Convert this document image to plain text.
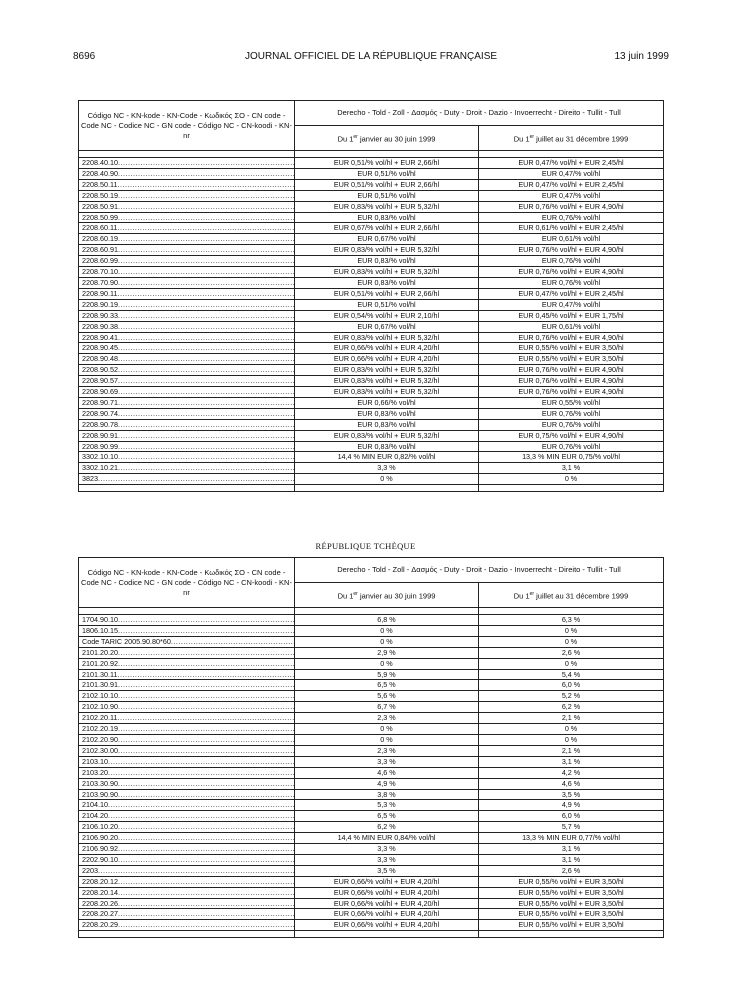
8696	JOURNAL OFFICIEL DE LA RÉPUBLIQUE FRANÇAISE	13 juin 1999
Código NC - KN-kode - KN-Code - Κωδικός ΣΟ - CN code - Code NC - Codice NC - GN code - Código NC - CN-koodi - KN-nr	Derecho - Told - Zoll - Δασμός - Duty - Droit - Dazio - Invoerrecht - Direito - Tullit - Tull	
	Du 1er janvier au 30 juin 1999	Du 1er juillet au 31 décembre 1999

2208.40.10.....	EUR 0,51/% vol/hl + EUR 2,66/hl	EUR 0,47/% vol/hl + EUR 2,45/hl
2208.40.90.....	EUR 0,51/% vol/hl	EUR 0,47/% vol/hl
2208.50.11.....	EUR 0,51/% vol/hl + EUR 2,66/hl	EUR 0,47/% vol/hl + EUR 2,45/hl
2208.50.19.....	EUR 0,51/% vol/hl	EUR 0,47/% vol/hl
2208.50.91.....	EUR 0,83/% vol/hl + EUR 5,32/hl	EUR 0,76/% vol/hl + EUR 4,90/hl
2208.50.99.....	EUR 0,83/% vol/hl	EUR 0,76/% vol/hl
2208.60.11.....	EUR 0,67/% vol/hl + EUR 2,66/hl	EUR 0,61/% vol/hl + EUR 2,45/hl
2208.60.19.....	EUR 0,67/% vol/hl	EUR 0,61/% vol/hl
2208.60.91.....	EUR 0,83/% vol/hl + EUR 5,32/hl	EUR 0,76/% vol/hl + EUR 4,90/hl
2208.60.99.....	EUR 0,83/% vol/hl	EUR 0,76/% vol/hl
2208.70.10.....	EUR 0,83/% vol/hl + EUR 5,32/hl	EUR 0,76/% vol/hl + EUR 4,90/hl
2208.70.90.....	EUR 0,83/% vol/hl	EUR 0,76/% vol/hl
2208.90.11.....	EUR 0,51/% vol/hl + EUR 2,66/hl	EUR 0,47/% vol/hl + EUR 2,45/hl
2208.90.19.....	EUR 0,51/% vol/hl	EUR 0,47/% vol/hl
2208.90.33.....	EUR 0,54/% vol/hl + EUR 2,10/hl	EUR 0,45/% vol/hl + EUR 1,75/hl
2208.90.38.....	EUR 0,67/% vol/hl	EUR 0,61/% vol/hl
2208.90.41.....	EUR 0,83/% vol/hl + EUR 5,32/hl	EUR 0,76/% vol/hl + EUR 4,90/hl
2208.90.45.....	EUR 0,66/% vol/hl + EUR 4,20/hl	EUR 0,55/% vol/hl + EUR 3,50/hl
2208.90.48.....	EUR 0,66/% vol/hl + EUR 4,20/hl	EUR 0,55/% vol/hl + EUR 3,50/hl
2208.90.52.....	EUR 0,83/% vol/hl + EUR 5,32/hl	EUR 0,76/% vol/hl + EUR 4,90/hl
2208.90.57.....	EUR 0,83/% vol/hl + EUR 5,32/hl	EUR 0,76/% vol/hl + EUR 4,90/hl
2208.90.69.....	EUR 0,83/% vol/hl + EUR 5,32/hl	EUR 0,76/% vol/hl + EUR 4,90/hl
2208.90.71.....	EUR 0,66/% vol/hl	EUR 0,55/% vol/hl
2208.90.74.....	EUR 0,83/% vol/hl	EUR 0,76/% vol/hl
2208.90.78.....	EUR 0,83/% vol/hl	EUR 0,76/% vol/hl
2208.90.91.....	EUR 0,83/% vol/hl + EUR 5,32/hl	EUR 0,75/% vol/hl + EUR 4,90/hl
2208.90.99.....	EUR 0,83/% vol/hl	EUR 0,76/% vol/hl
3302.10.10.....	14,4 % MIN EUR 0,82/% vol/hl	13,3 % MIN EUR 0,75/% vol/hl
3302.10.21.....	3,3 %	3,1 %
3823.....	0 %	0 %

RÉPUBLIQUE TCHÈQUE
Código NC - KN-kode - KN-Code - Κωδικός ΣΟ - CN code - Code NC - Codice NC - GN code - Código NC - CN-koodi - KN-nr	Derecho - Told - Zoll - Δασμός - Duty - Droit - Dazio - Invoerrecht - Direito - Tullit - Tull	
	Du 1er janvier au 30 juin 1999	Du 1er juillet au 31 décembre 1999

1704.90.10.....	6,8 %	6,3 %
1806.10.15.....	0 %	0 %
Code TARIC 2005.90.80*60.....	0 %	0 %
2101.20.20.....	2,9 %	2,6 %
2101.20.92.....	0 %	0 %
2101.30.11.....	5,9 %	5,4 %
2101.30.91.....	6,5 %	6,0 %
2102.10.10.....	5,6 %	5,2 %
2102.10.90.....	6,7 %	6,2 %
2102.20.11.....	2,3 %	2,1 %
2102.20.19.....	0 %	0 %
2102.20.90.....	0 %	0 %
2102.30.00.....	2,3 %	2,1 %
2103.10.....	3,3 %	3,1 %
2103.20.....	4,6 %	4,2 %
2103.30.90.....	4,9 %	4,6 %
2103.90.90.....	3,8 %	3,5 %
2104.10.....	5,3 %	4,9 %
2104.20.....	6,5 %	6,0 %
2106.10.20.....	6,2 %	5,7 %
2106.90.20.....	14,4 % MIN EUR 0,84/% vol/hl	13,3 % MIN EUR 0,77/% vol/hl
2106.90.92.....	3,3 %	3,1 %
2202.90.10.....	3,3 %	3,1 %
2203.....	3,5 %	2,6 %
2208.20.12.....	EUR 0,66/% vol/hl + EUR 4,20/hl	EUR 0,55/% vol/hl + EUR 3,50/hl
2208.20.14.....	EUR 0,66/% vol/hl + EUR 4,20/hl	EUR 0,55/% vol/hl + EUR 3,50/hl
2208.20.26.....	EUR 0,66/% vol/hl + EUR 4,20/hl	EUR 0,55/% vol/hl + EUR 3,50/hl
2208.20.27.....	EUR 0,66/% vol/hl + EUR 4,20/hl	EUR 0,55/% vol/hl + EUR 3,50/hl
2208.20.29.....	EUR 0,66/% vol/hl + EUR 4,20/hl	EUR 0,55/% vol/hl + EUR 3,50/hl
